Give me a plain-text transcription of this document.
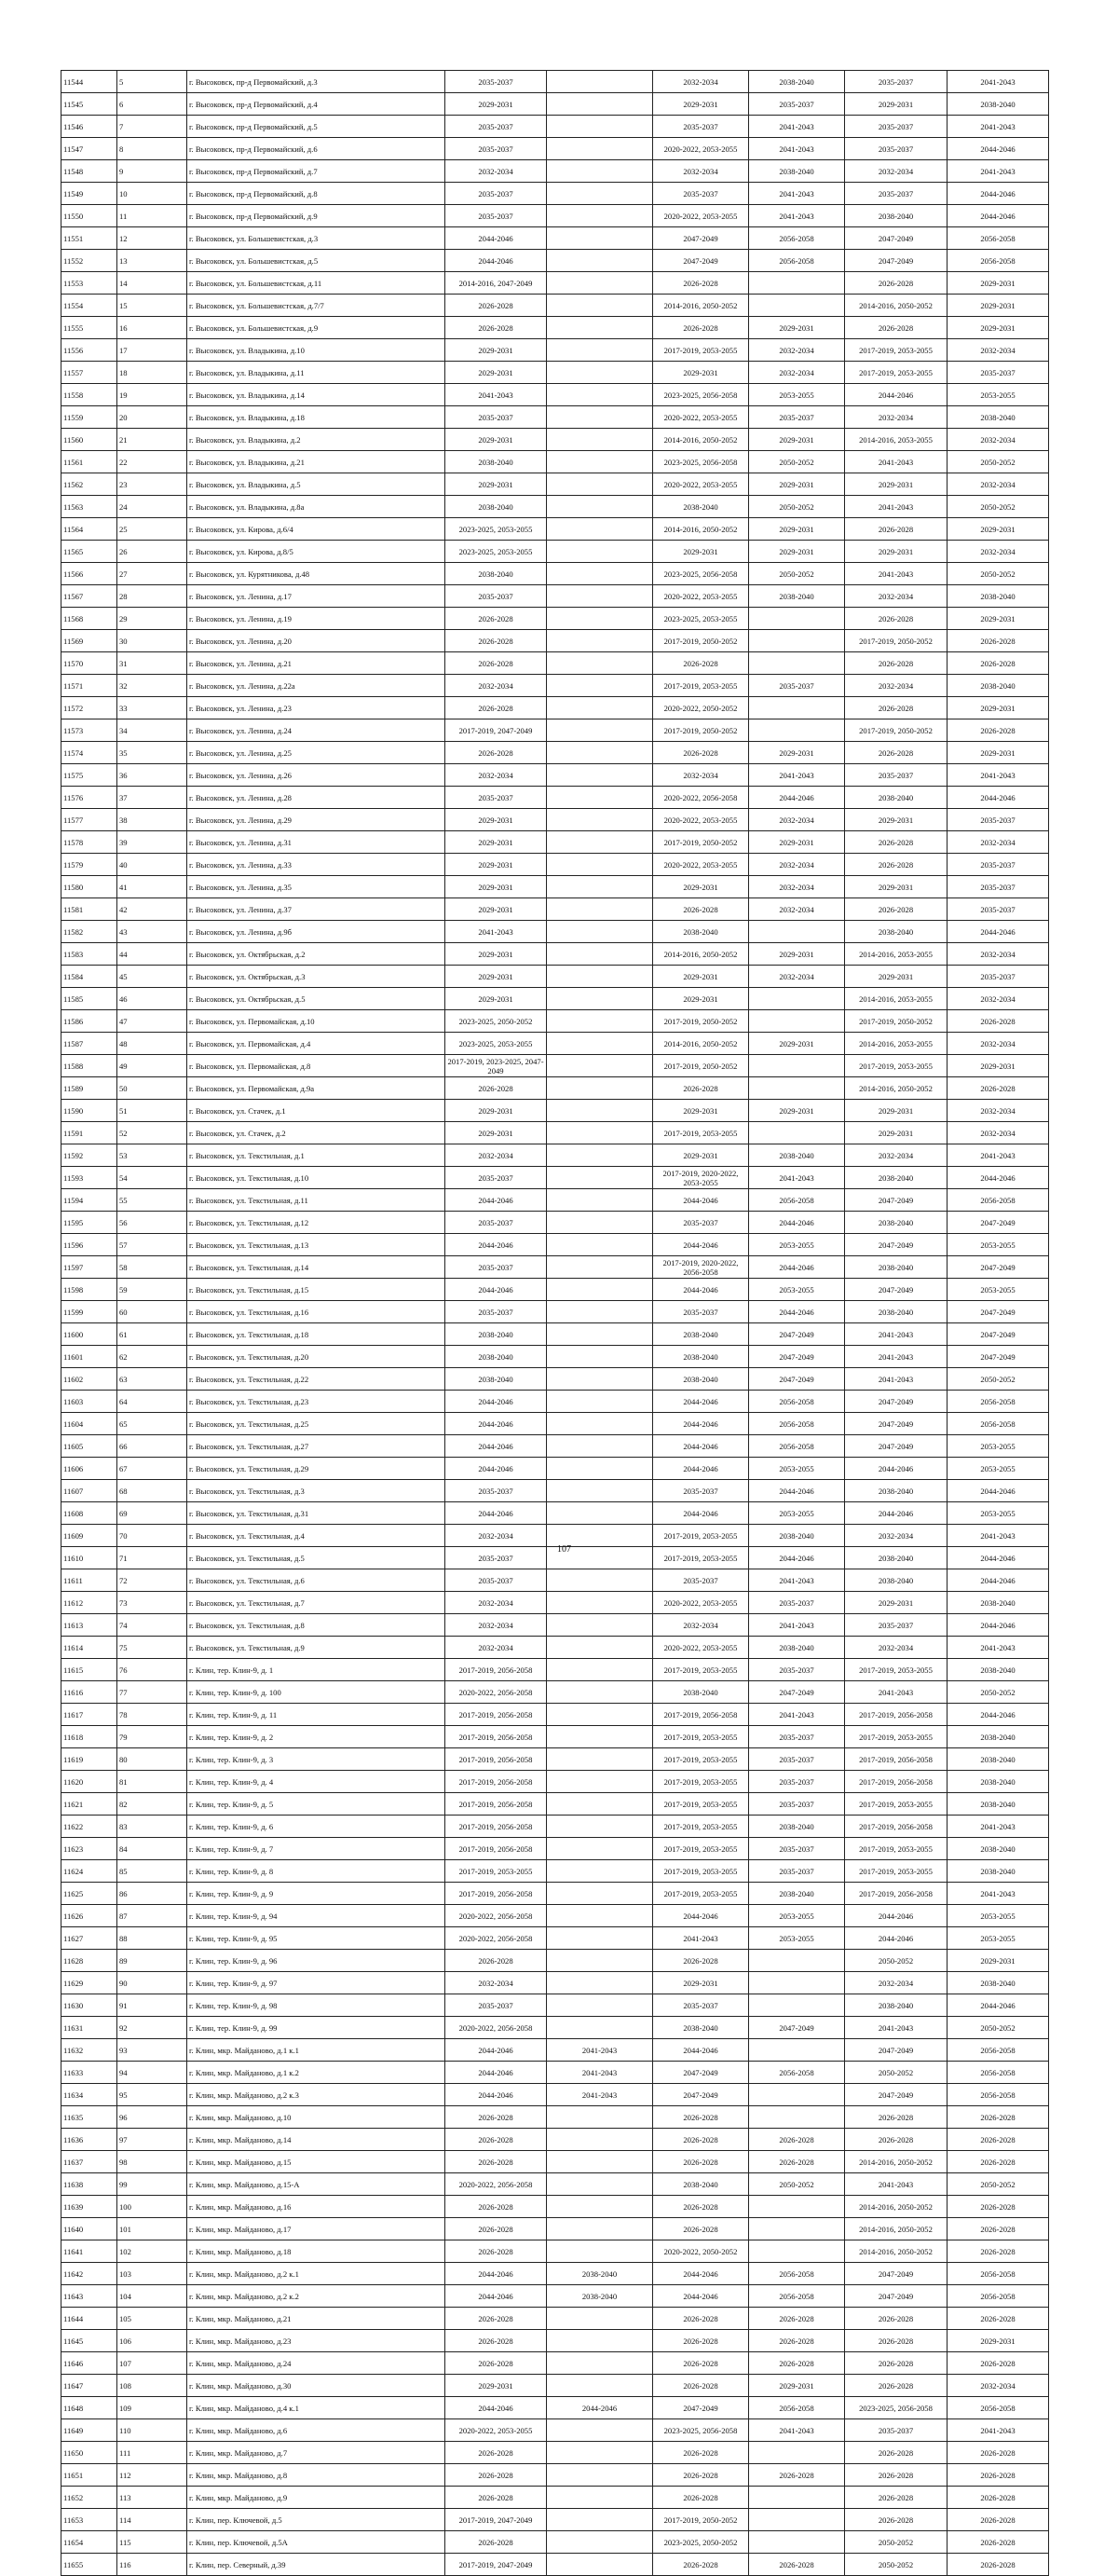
11544	5	г. Высоковск, пр-д Первомайский, д.3	2035-2037		2032-2034	2038-2040	2035-2037	2041-2043
11545	6	г. Высоковск, пр-д Первомайский, д.4	2029-2031		2029-2031	2035-2037	2029-2031	2038-2040
11546	7	г. Высоковск, пр-д Первомайский, д.5	2035-2037		2035-2037	2041-2043	2035-2037	2041-2043
11547	8	г. Высоковск, пр-д Первомайский, д.6	2035-2037		2020-2022, 2053-2055	2041-2043	2035-2037	2044-2046
11548	9	г. Высоковск, пр-д Первомайский, д.7	2032-2034		2032-2034	2038-2040	2032-2034	2041-2043
11549	10	г. Высоковск, пр-д Первомайский, д.8	2035-2037		2035-2037	2041-2043	2035-2037	2044-2046
11550	11	г. Высоковск, пр-д Первомайский, д.9	2035-2037		2020-2022, 2053-2055	2041-2043	2038-2040	2044-2046
11551	12	г. Высоковск, ул. Большевистская, д.3	2044-2046		2047-2049	2056-2058	2047-2049	2056-2058
11552	13	г. Высоковск, ул. Большевистская, д.5	2044-2046		2047-2049	2056-2058	2047-2049	2056-2058
11553	14	г. Высоковск, ул. Большевистская, д.11	2014-2016, 2047-2049		2026-2028		2026-2028	2029-2031
11554	15	г. Высоковск, ул. Большевистская, д.7/7	2026-2028		2014-2016, 2050-2052		2014-2016, 2050-2052	2029-2031
11555	16	г. Высоковск, ул. Большевистская, д.9	2026-2028		2026-2028	2029-2031	2026-2028	2029-2031
11556	17	г. Высоковск, ул. Владыкина, д.10	2029-2031		2017-2019, 2053-2055	2032-2034	2017-2019, 2053-2055	2032-2034
11557	18	г. Высоковск, ул. Владыкина, д.11	2029-2031		2029-2031	2032-2034	2017-2019, 2053-2055	2035-2037
11558	19	г. Высоковск, ул. Владыкина, д.14	2041-2043		2023-2025, 2056-2058	2053-2055	2044-2046	2053-2055
11559	20	г. Высоковск, ул. Владыкина, д.18	2035-2037		2020-2022, 2053-2055	2035-2037	2032-2034	2038-2040
11560	21	г. Высоковск, ул. Владыкина, д.2	2029-2031		2014-2016, 2050-2052	2029-2031	2014-2016, 2053-2055	2032-2034
11561	22	г. Высоковск, ул. Владыкина, д.21	2038-2040		2023-2025, 2056-2058	2050-2052	2041-2043	2050-2052
11562	23	г. Высоковск, ул. Владыкина, д.5	2029-2031		2020-2022, 2053-2055	2029-2031	2029-2031	2032-2034
11563	24	г. Высоковск, ул. Владыкина, д.8а	2038-2040		2038-2040	2050-2052	2041-2043	2050-2052
11564	25	г. Высоковск, ул. Кирова, д.6/4	2023-2025, 2053-2055		2014-2016, 2050-2052	2029-2031	2026-2028	2029-2031
11565	26	г. Высоковск, ул. Кирова, д.8/5	2023-2025, 2053-2055		2029-2031	2029-2031	2029-2031	2032-2034
11566	27	г. Высоковск, ул. Курятникова, д.48	2038-2040		2023-2025, 2056-2058	2050-2052	2041-2043	2050-2052
11567	28	г. Высоковск, ул. Ленина, д.17	2035-2037		2020-2022, 2053-2055	2038-2040	2032-2034	2038-2040
11568	29	г. Высоковск, ул. Ленина, д.19	2026-2028		2023-2025, 2053-2055		2026-2028	2029-2031
11569	30	г. Высоковск, ул. Ленина, д.20	2026-2028		2017-2019, 2050-2052		2017-2019, 2050-2052	2026-2028
11570	31	г. Высоковск, ул. Ленина, д.21	2026-2028		2026-2028		2026-2028	2026-2028
11571	32	г. Высоковск, ул. Ленина, д.22а	2032-2034		2017-2019, 2053-2055	2035-2037	2032-2034	2038-2040
11572	33	г. Высоковск, ул. Ленина, д.23	2026-2028		2020-2022, 2050-2052		2026-2028	2029-2031
11573	34	г. Высоковск, ул. Ленина, д.24	2017-2019, 2047-2049		2017-2019, 2050-2052		2017-2019, 2050-2052	2026-2028
11574	35	г. Высоковск, ул. Ленина, д.25	2026-2028		2026-2028	2029-2031	2026-2028	2029-2031
11575	36	г. Высоковск, ул. Ленина, д.26	2032-2034		2032-2034	2041-2043	2035-2037	2041-2043
11576	37	г. Высоковск, ул. Ленина, д.28	2035-2037		2020-2022, 2056-2058	2044-2046	2038-2040	2044-2046
11577	38	г. Высоковск, ул. Ленина, д.29	2029-2031		2020-2022, 2053-2055	2032-2034	2029-2031	2035-2037
11578	39	г. Высоковск, ул. Ленина, д.31	2029-2031		2017-2019, 2050-2052	2029-2031	2026-2028	2032-2034
11579	40	г. Высоковск, ул. Ленина, д.33	2029-2031		2020-2022, 2053-2055	2032-2034	2026-2028	2035-2037
11580	41	г. Высоковск, ул. Ленина, д.35	2029-2031		2029-2031	2032-2034	2029-2031	2035-2037
11581	42	г. Высоковск, ул. Ленина, д.37	2029-2031		2026-2028	2032-2034	2026-2028	2035-2037
11582	43	г. Высоковск, ул. Ленина, д.9б	2041-2043		2038-2040		2038-2040	2044-2046
11583	44	г. Высоковск, ул. Октябрьская, д.2	2029-2031		2014-2016, 2050-2052	2029-2031	2014-2016, 2053-2055	2032-2034
11584	45	г. Высоковск, ул. Октябрьская, д.3	2029-2031		2029-2031	2032-2034	2029-2031	2035-2037
11585	46	г. Высоковск, ул. Октябрьская, д.5	2029-2031		2029-2031		2014-2016, 2053-2055	2032-2034
11586	47	г. Высоковск, ул. Первомайская, д.10	2023-2025, 2050-2052		2017-2019, 2050-2052		2017-2019, 2050-2052	2026-2028
11587	48	г. Высоковск, ул. Первомайская, д.4	2023-2025, 2053-2055		2014-2016, 2050-2052	2029-2031	2014-2016, 2053-2055	2032-2034
11588	49	г. Высоковск, ул. Первомайская, д.8	2017-2019, 2023-2025, 2047-2049		2017-2019, 2050-2052		2017-2019, 2053-2055	2029-2031
11589	50	г. Высоковск, ул. Первомайская, д.9а	2026-2028		2026-2028		2014-2016, 2050-2052	2026-2028
11590	51	г. Высоковск, ул. Стачек, д.1	2029-2031		2029-2031	2029-2031	2029-2031	2032-2034
11591	52	г. Высоковск, ул. Стачек, д.2	2029-2031		2017-2019, 2053-2055		2029-2031	2032-2034
11592	53	г. Высоковск, ул. Текстильная, д.1	2032-2034		2029-2031	2038-2040	2032-2034	2041-2043
11593	54	г. Высоковск, ул. Текстильная, д.10	2035-2037		2017-2019, 2020-2022, 2053-2055	2041-2043	2038-2040	2044-2046
11594	55	г. Высоковск, ул. Текстильная, д.11	2044-2046		2044-2046	2056-2058	2047-2049	2056-2058
11595	56	г. Высоковск, ул. Текстильная, д.12	2035-2037		2035-2037	2044-2046	2038-2040	2047-2049
11596	57	г. Высоковск, ул. Текстильная, д.13	2044-2046		2044-2046	2053-2055	2047-2049	2053-2055
11597	58	г. Высоковск, ул. Текстильная, д.14	2035-2037		2017-2019, 2020-2022, 2056-2058	2044-2046	2038-2040	2047-2049
11598	59	г. Высоковск, ул. Текстильная, д.15	2044-2046		2044-2046	2053-2055	2047-2049	2053-2055
11599	60	г. Высоковск, ул. Текстильная, д.16	2035-2037		2035-2037	2044-2046	2038-2040	2047-2049
11600	61	г. Высоковск, ул. Текстильная, д.18	2038-2040		2038-2040	2047-2049	2041-2043	2047-2049
11601	62	г. Высоковск, ул. Текстильная, д.20	2038-2040		2038-2040	2047-2049	2041-2043	2047-2049
11602	63	г. Высоковск, ул. Текстильная, д.22	2038-2040		2038-2040	2047-2049	2041-2043	2050-2052
11603	64	г. Высоковск, ул. Текстильная, д.23	2044-2046		2044-2046	2056-2058	2047-2049	2056-2058
11604	65	г. Высоковск, ул. Текстильная, д.25	2044-2046		2044-2046	2056-2058	2047-2049	2056-2058
11605	66	г. Высоковск, ул. Текстильная, д.27	2044-2046		2044-2046	2056-2058	2047-2049	2053-2055
11606	67	г. Высоковск, ул. Текстильная, д.29	2044-2046		2044-2046	2053-2055	2044-2046	2053-2055
11607	68	г. Высоковск, ул. Текстильная, д.3	2035-2037		2035-2037	2044-2046	2038-2040	2044-2046
11608	69	г. Высоковск, ул. Текстильная, д.31	2044-2046		2044-2046	2053-2055	2044-2046	2053-2055
11609	70	г. Высоковск, ул. Текстильная, д.4	2032-2034		2017-2019, 2053-2055	2038-2040	2032-2034	2041-2043
11610	71	г. Высоковск, ул. Текстильная, д.5	2035-2037		2017-2019, 2053-2055	2044-2046	2038-2040	2044-2046
11611	72	г. Высоковск, ул. Текстильная, д.6	2035-2037		2035-2037	2041-2043	2038-2040	2044-2046
11612	73	г. Высоковск, ул. Текстильная, д.7	2032-2034		2020-2022, 2053-2055	2035-2037	2029-2031	2038-2040
11613	74	г. Высоковск, ул. Текстильная, д.8	2032-2034		2032-2034	2041-2043	2035-2037	2044-2046
11614	75	г. Высоковск, ул. Текстильная, д.9	2032-2034		2020-2022, 2053-2055	2038-2040	2032-2034	2041-2043
11615	76	г. Клин, тер. Клин-9, д. 1	2017-2019, 2056-2058		2017-2019, 2053-2055	2035-2037	2017-2019, 2053-2055	2038-2040
11616	77	г. Клин, тер. Клин-9, д. 100	2020-2022, 2056-2058		2038-2040	2047-2049	2041-2043	2050-2052
11617	78	г. Клин, тер. Клин-9, д. 11	2017-2019, 2056-2058		2017-2019, 2056-2058	2041-2043	2017-2019, 2056-2058	2044-2046
11618	79	г. Клин, тер. Клин-9, д. 2	2017-2019, 2056-2058		2017-2019, 2053-2055	2035-2037	2017-2019, 2053-2055	2038-2040
11619	80	г. Клин, тер. Клин-9, д. 3	2017-2019, 2056-2058		2017-2019, 2053-2055	2035-2037	2017-2019, 2056-2058	2038-2040
11620	81	г. Клин, тер. Клин-9, д. 4	2017-2019, 2056-2058		2017-2019, 2053-2055	2035-2037	2017-2019, 2056-2058	2038-2040
11621	82	г. Клин, тер. Клин-9, д. 5	2017-2019, 2056-2058		2017-2019, 2053-2055	2035-2037	2017-2019, 2053-2055	2038-2040
11622	83	г. Клин, тер. Клин-9, д. 6	2017-2019, 2056-2058		2017-2019, 2053-2055	2038-2040	2017-2019, 2056-2058	2041-2043
11623	84	г. Клин, тер. Клин-9, д. 7	2017-2019, 2056-2058		2017-2019, 2053-2055	2035-2037	2017-2019, 2053-2055	2038-2040
11624	85	г. Клин, тер. Клин-9, д. 8	2017-2019, 2053-2055		2017-2019, 2053-2055	2035-2037	2017-2019, 2053-2055	2038-2040
11625	86	г. Клин, тер. Клин-9, д. 9	2017-2019, 2056-2058		2017-2019, 2053-2055	2038-2040	2017-2019, 2056-2058	2041-2043
11626	87	г. Клин, тер. Клин-9, д. 94	2020-2022, 2056-2058		2044-2046	2053-2055	2044-2046	2053-2055
11627	88	г. Клин, тер. Клин-9, д. 95	2020-2022, 2056-2058		2041-2043	2053-2055	2044-2046	2053-2055
11628	89	г. Клин, тер. Клин-9, д. 96	2026-2028		2026-2028		2050-2052	2029-2031
11629	90	г. Клин, тер. Клин-9, д. 97	2032-2034		2029-2031		2032-2034	2038-2040
11630	91	г. Клин, тер. Клин-9, д. 98	2035-2037		2035-2037		2038-2040	2044-2046
11631	92	г. Клин, тер. Клин-9, д. 99	2020-2022, 2056-2058		2038-2040	2047-2049	2041-2043	2050-2052
11632	93	г. Клин, мкр. Майданово, д.1 к.1	2044-2046	2041-2043	2044-2046		2047-2049	2056-2058
11633	94	г. Клин, мкр. Майданово, д.1 к.2	2044-2046	2041-2043	2047-2049	2056-2058	2050-2052	2056-2058
11634	95	г. Клин, мкр. Майданово, д.2 к.3	2044-2046	2041-2043	2047-2049		2047-2049	2056-2058
11635	96	г. Клин, мкр. Майданово, д.10	2026-2028		2026-2028		2026-2028	2026-2028
11636	97	г. Клин, мкр. Майданово, д.14	2026-2028		2026-2028	2026-2028	2026-2028	2026-2028
11637	98	г. Клин, мкр. Майданово, д.15	2026-2028		2026-2028	2026-2028	2014-2016, 2050-2052	2026-2028
11638	99	г. Клин, мкр. Майданово, д.15-А	2020-2022, 2056-2058		2038-2040	2050-2052	2041-2043	2050-2052
11639	100	г. Клин, мкр. Майданово, д.16	2026-2028		2026-2028		2014-2016, 2050-2052	2026-2028
11640	101	г. Клин, мкр. Майданово, д.17	2026-2028		2026-2028		2014-2016, 2050-2052	2026-2028
11641	102	г. Клин, мкр. Майданово, д.18	2026-2028		2020-2022, 2050-2052		2014-2016, 2050-2052	2026-2028
11642	103	г. Клин, мкр. Майданово, д.2 к.1	2044-2046	2038-2040	2044-2046	2056-2058	2047-2049	2056-2058
11643	104	г. Клин, мкр. Майданово, д.2 к.2	2044-2046	2038-2040	2044-2046	2056-2058	2047-2049	2056-2058
11644	105	г. Клин, мкр. Майданово, д.21	2026-2028		2026-2028	2026-2028	2026-2028	2026-2028
11645	106	г. Клин, мкр. Майданово, д.23	2026-2028		2026-2028	2026-2028	2026-2028	2029-2031
11646	107	г. Клин, мкр. Майданово, д.24	2026-2028		2026-2028	2026-2028	2026-2028	2026-2028
11647	108	г. Клин, мкр. Майданово, д.30	2029-2031		2026-2028	2029-2031	2026-2028	2032-2034
11648	109	г. Клин, мкр. Майданово, д.4 к.1	2044-2046	2044-2046	2047-2049	2056-2058	2023-2025, 2056-2058	2056-2058
11649	110	г. Клин, мкр. Майданово, д.6	2020-2022, 2053-2055		2023-2025, 2056-2058	2041-2043	2035-2037	2041-2043
11650	111	г. Клин, мкр. Майданово, д.7	2026-2028		2026-2028		2026-2028	2026-2028
11651	112	г. Клин, мкр. Майданово, д.8	2026-2028		2026-2028	2026-2028	2026-2028	2026-2028
11652	113	г. Клин, мкр. Майданово, д.9	2026-2028		2026-2028		2026-2028	2026-2028
11653	114	г. Клин, пер. Ключевой, д.5	2017-2019, 2047-2049		2017-2019, 2050-2052		2026-2028	2026-2028
11654	115	г. Клин, пер. Ключевой, д.5А	2026-2028		2023-2025, 2050-2052		2050-2052	2026-2028
11655	116	г. Клин, пер. Северный, д.39	2017-2019, 2047-2049		2026-2028	2026-2028	2050-2052	2026-2028
107
